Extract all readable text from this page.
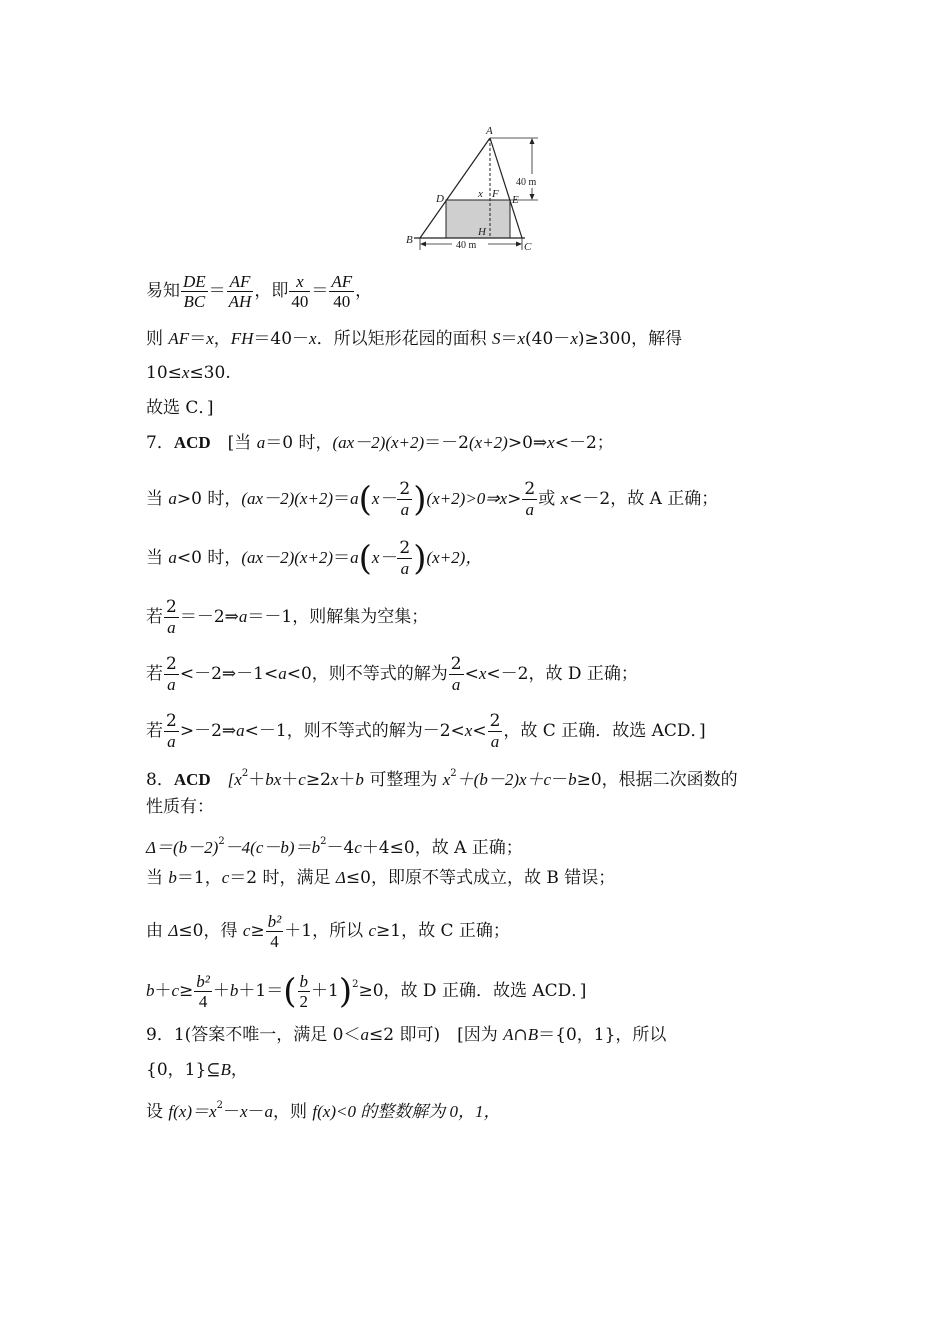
A
B
C
D	E
F
H
x
40 m
40 m
易知 $\frac{DE}{BC} = \frac{AF}{AH}$ ，即 $\frac{x}{40} = \frac{AF}{40}$ ，
则 AF＝x，FH＝40－x．所以矩形花园的面积 S＝x(40－x)≥300，解得
10≤x≤30.
故选 C．]
7．ACD　[当 a＝0 时，(ax－2)(x+2)＝－2(x+2)>0⇒x<－2；
当 a>0 时，$(ax-2)(x+2)=a(x- \frac{2}{a}$ )(x+2)>0⇒x> $\frac{2}{a}$ 或 x<－2，故 A 正确；
当 a<0 时，$(ax-2)(x+2)=a(x- \frac{2}{a} )(x+2)$，
若 $\frac{2}{a}$ ＝－2⇒a＝－1，则解集为空集；
若 $\frac{2}{a}$ <－2⇒－1<a<0，则不等式的解为 $\frac{2}{a} <x<-2$，故 D 正确；
若 $\frac{2}{a}$ >－2⇒a<－1，则不等式的解为$-2<x< \frac{2}{a}$ ，故 C 正确．故选 ACD．]
8．ACD　[$x^2+bx+c\ge 2x+b$ 可整理为 $x^2+(b-2)x+c-b\ge 0$，根据二次函数的
性质有：
$\Delta=(b-2)^2-4(c-b)=b^2-4c+4\le 0$，故 A 正确；
当 b＝1，c＝2 时，满足 Δ≤0，即原不等式成立，故 B 错误；
由 Δ≤0，得 $c\ge \frac{\text{b²}}{4} +1$，所以 c≥1，故 C 正确；
$b+c\ge \frac{\text{b²}}{4} +b+1=( \frac{b}{2} +1)^2\ge 0$，故 D 正确．故选 ACD．]
9．1(答案不唯一，满足 0＜a≤2 即可)　[因为 A∩B＝{0，1}，所以
{0，1}⊆B，
设 $f(x)=x^2-x-a$，则 f(x)<0 的整数解为 0，1，
